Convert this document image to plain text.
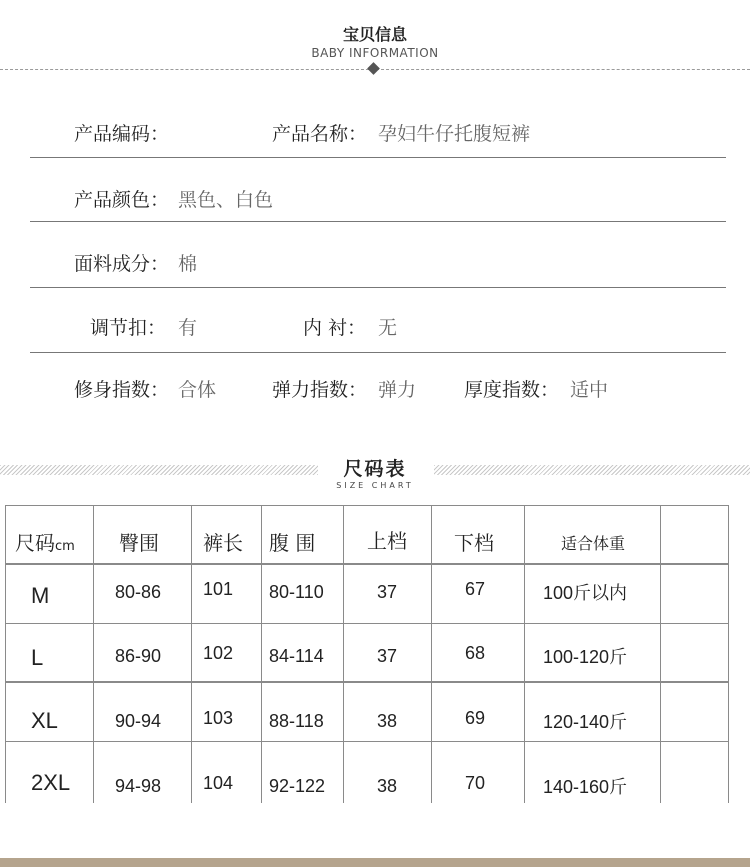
宝贝信息
BABY INFORMATION
产品编码：	产品名称： 孕妇牛仔托腹短裤
产品颜色： 黑色、白色
面料成分： 棉
调节扣： 有	内 衬： 无
修身指数： 合体	弹力指数： 弹力	厚度指数： 适中
尺码表
SIZE CHART
尺码cm 臀围 裤长 腹 围	上档 下档	适合体重
M	80-86 101 80-110	37	67	100斤以内
L	86-90 102 84-114	37	68	100-120斤
XL	90-94 103 88-118	38	69	120-140斤
2XL 94-98 104 92-122	38	70	140-160斤
